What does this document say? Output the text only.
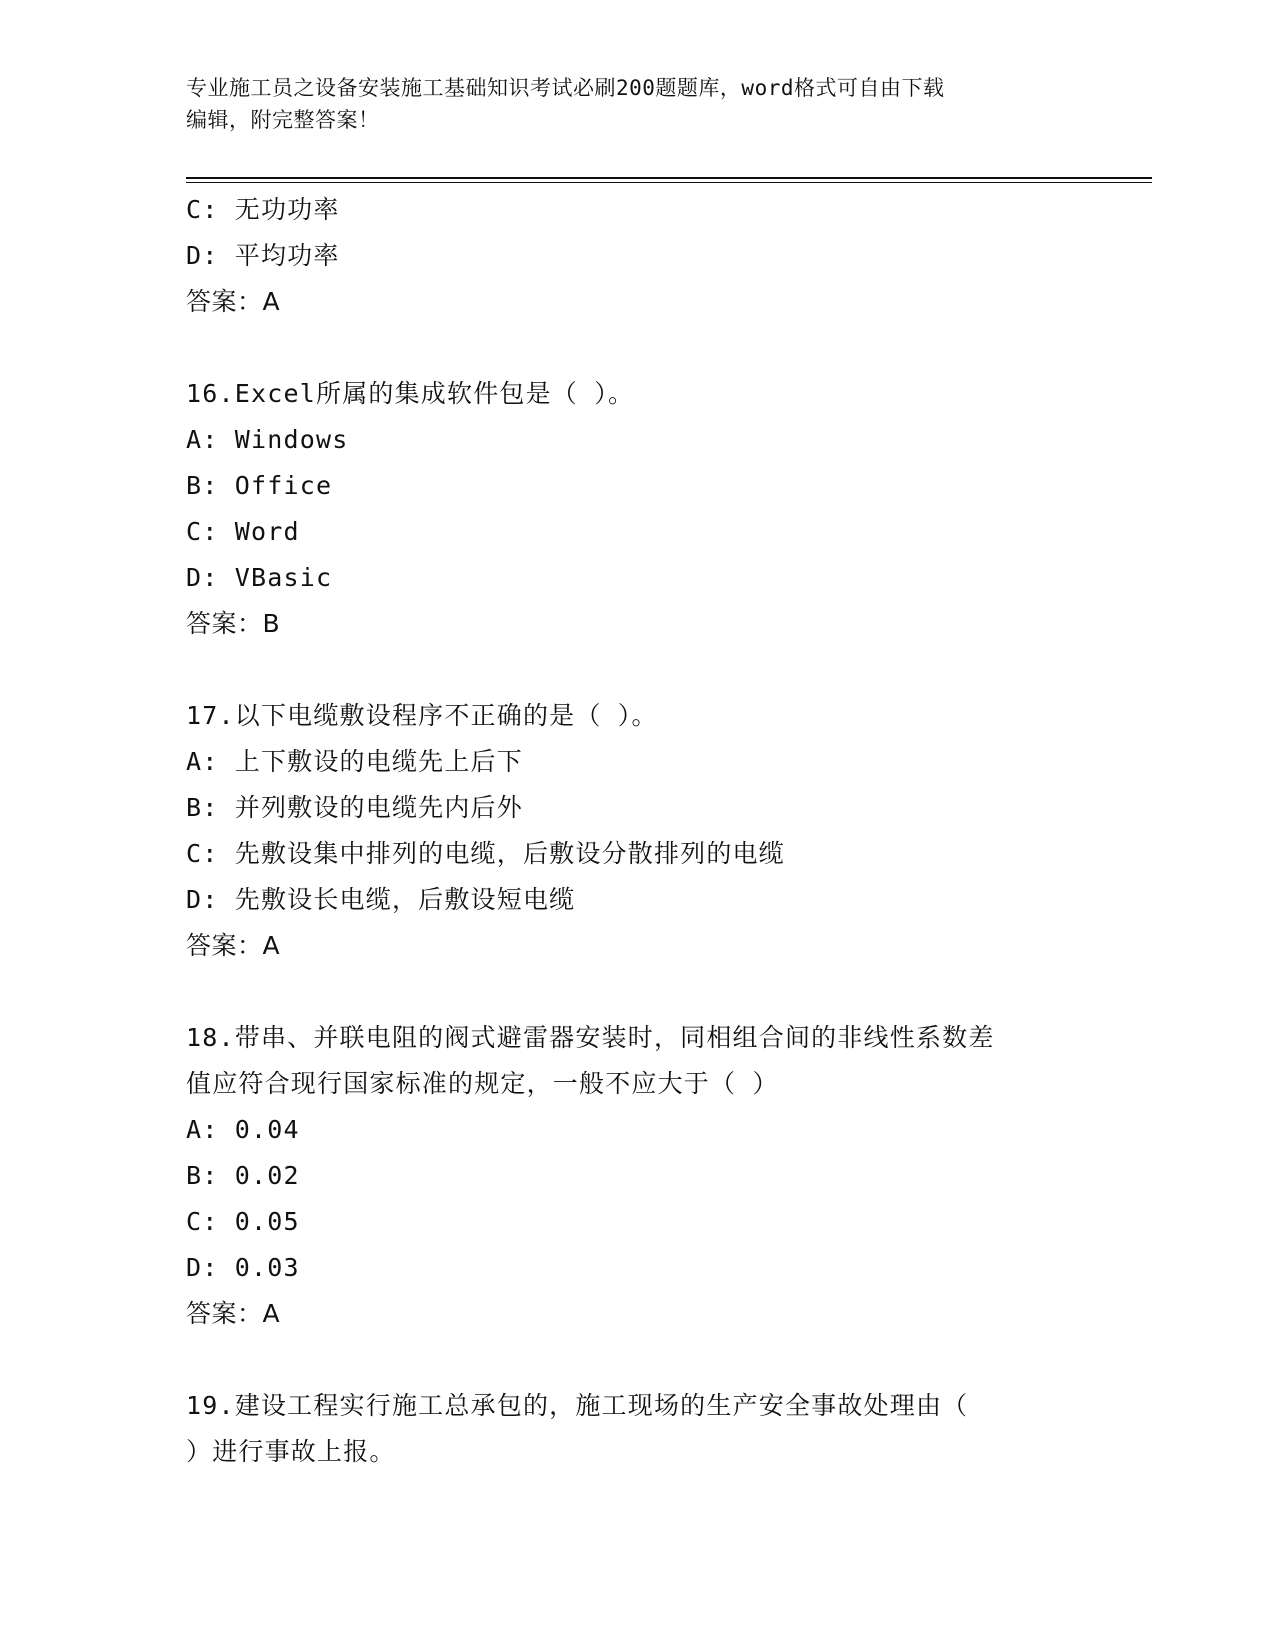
专业施工员之设备安装施工基础知识考试必刷200题题库，word格式可自由下载
编辑，附完整答案！
C: 无功功率
D: 平均功率
答案：A
16.Excel所属的集成软件包是（ ）。
A: Windows
B: Office
C: Word
D: VBasic
答案：B
17.以下电缆敷设程序不正确的是（ ）。
A: 上下敷设的电缆先上后下
B: 并列敷设的电缆先内后外
C: 先敷设集中排列的电缆，后敷设分散排列的电缆
D: 先敷设长电缆，后敷设短电缆
答案：A
18.带串、并联电阻的阀式避雷器安装时，同相组合间的非线性系数差
值应符合现行国家标准的规定，一般不应大于（ ）
A: 0.04
B: 0.02
C: 0.05
D: 0.03
答案：A
19.建设工程实行施工总承包的，施工现场的生产安全事故处理由（
）进行事故上报。
